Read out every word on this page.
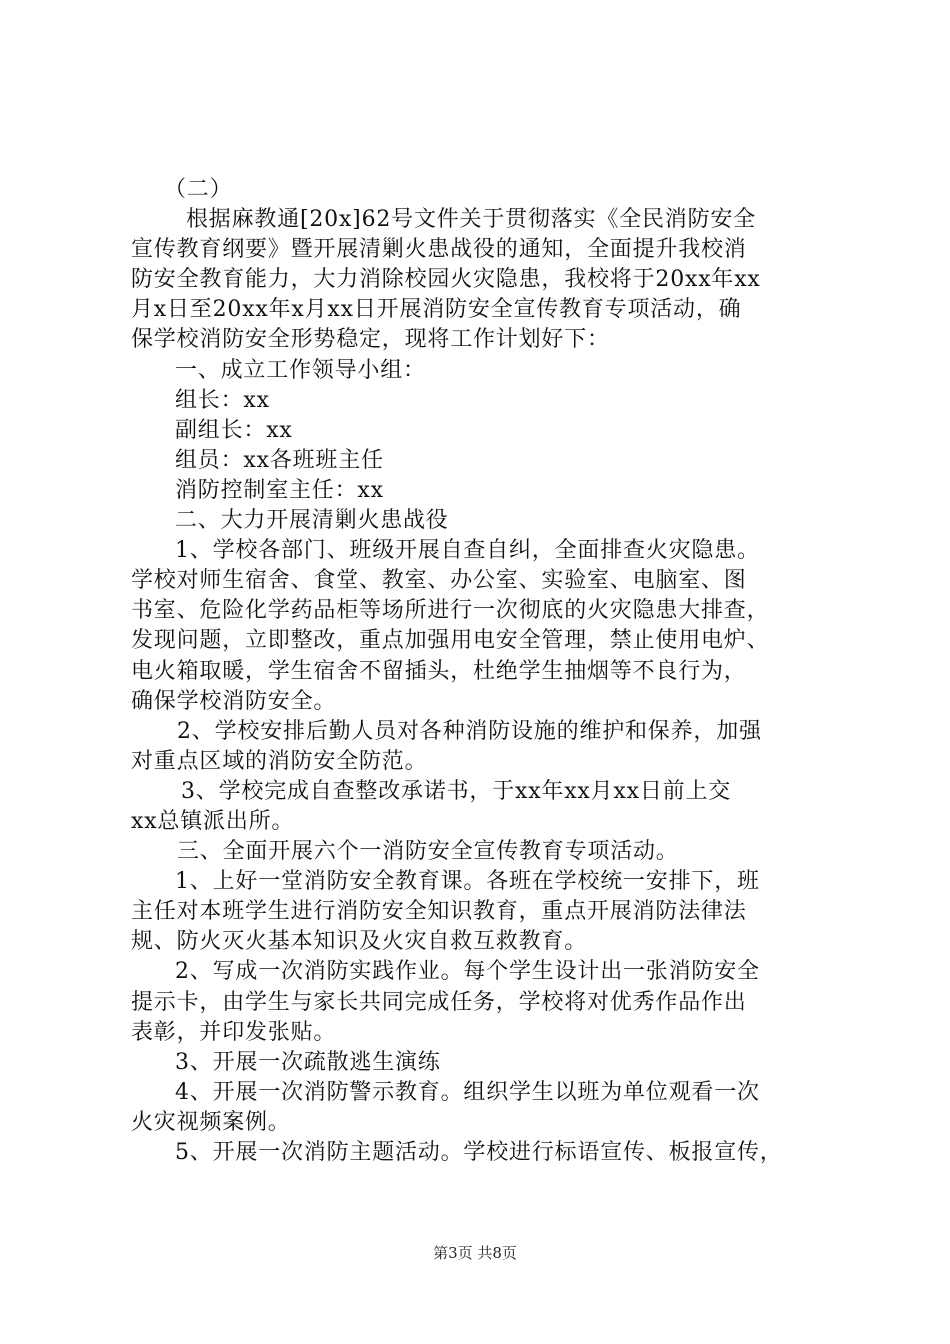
（二）
根据麻教通[20x]62号文件关于贯彻落实《全民消防安全
宣传教育纲要》暨开展清剿火患战役的通知，全面提升我校消
防安全教育能力，大力消除校园火灾隐患，我校将于20xx年xx
月x日至20xx年x月xx日开展消防安全宣传教育专项活动，确
保学校消防安全形势稳定，现将工作计划好下：
一、成立工作领导小组：
组长：xx
副组长：xx
组员：xx各班班主任
消防控制室主任：xx
二、大力开展清剿火患战役
1、学校各部门、班级开展自查自纠，全面排查火灾隐患。
学校对师生宿舍、食堂、教室、办公室、实验室、电脑室、图
书室、危险化学药品柜等场所进行一次彻底的火灾隐患大排查，
发现问题，立即整改，重点加强用电安全管理，禁止使用电炉、
电火箱取暖，学生宿舍不留插头，杜绝学生抽烟等不良行为，
确保学校消防安全。
2、学校安排后勤人员对各种消防设施的维护和保养，加强
对重点区域的消防安全防范。
3、学校完成自查整改承诺书，于xx年xx月xx日前上交
xx总镇派出所。
三、全面开展六个一消防安全宣传教育专项活动。
1、上好一堂消防安全教育课。各班在学校统一安排下，班
主任对本班学生进行消防安全知识教育，重点开展消防法律法
规、防火灭火基本知识及火灾自救互救教育。
2、写成一次消防实践作业。每个学生设计出一张消防安全
提示卡，由学生与家长共同完成任务，学校将对优秀作品作出
表彰，并印发张贴。
3、开展一次疏散逃生演练
4、开展一次消防警示教育。组织学生以班为单位观看一次
火灾视频案例。
5、开展一次消防主题活动。学校进行标语宣传、板报宣传，
第3页 共8页
